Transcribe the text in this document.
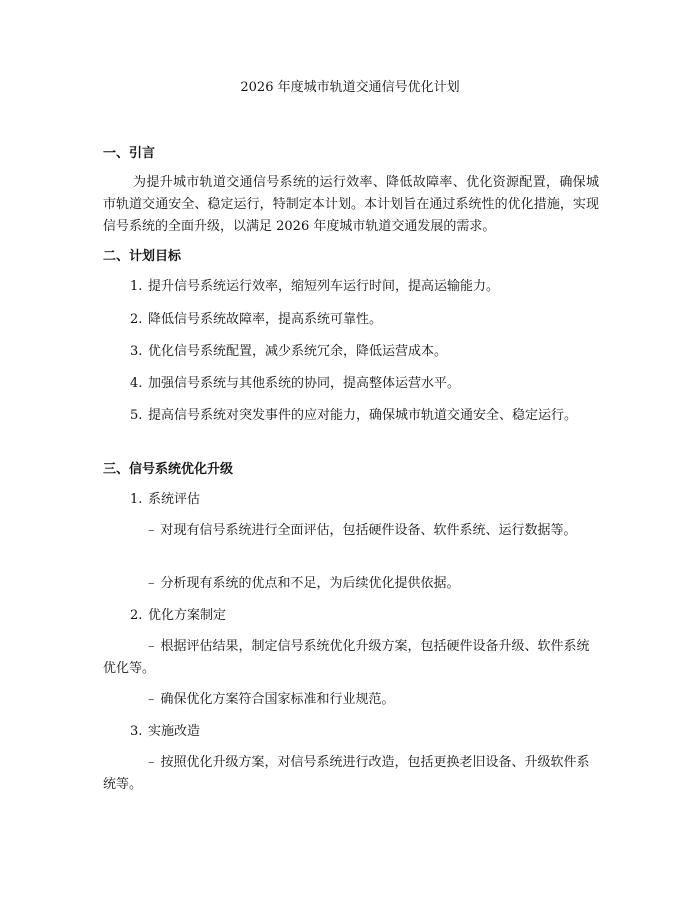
2026 年度城市轨道交通信号优化计划
一、引言
为提升城市轨道交通信号系统的运行效率、降低故障率、优化资源配置，确保城市轨道交通安全、稳定运行，特制定本计划。本计划旨在通过系统性的优化措施，实现信号系统的全面升级，以满足 2026 年度城市轨道交通发展的需求。
二、计划目标
1. 提升信号系统运行效率，缩短列车运行时间，提高运输能力。
2. 降低信号系统故障率，提高系统可靠性。
3. 优化信号系统配置，减少系统冗余，降低运营成本。
4. 加强信号系统与其他系统的协同，提高整体运营水平。
5. 提高信号系统对突发事件的应对能力，确保城市轨道交通安全、稳定运行。
三、信号系统优化升级
1. 系统评估
– 对现有信号系统进行全面评估，包括硬件设备、软件系统、运行数据等。
– 分析现有系统的优点和不足，为后续优化提供依据。
2. 优化方案制定
– 根据评估结果，制定信号系统优化升级方案，包括硬件设备升级、软件系统优化等。
– 确保优化方案符合国家标准和行业规范。
3. 实施改造
– 按照优化升级方案，对信号系统进行改造，包括更换老旧设备、升级软件系统等。
